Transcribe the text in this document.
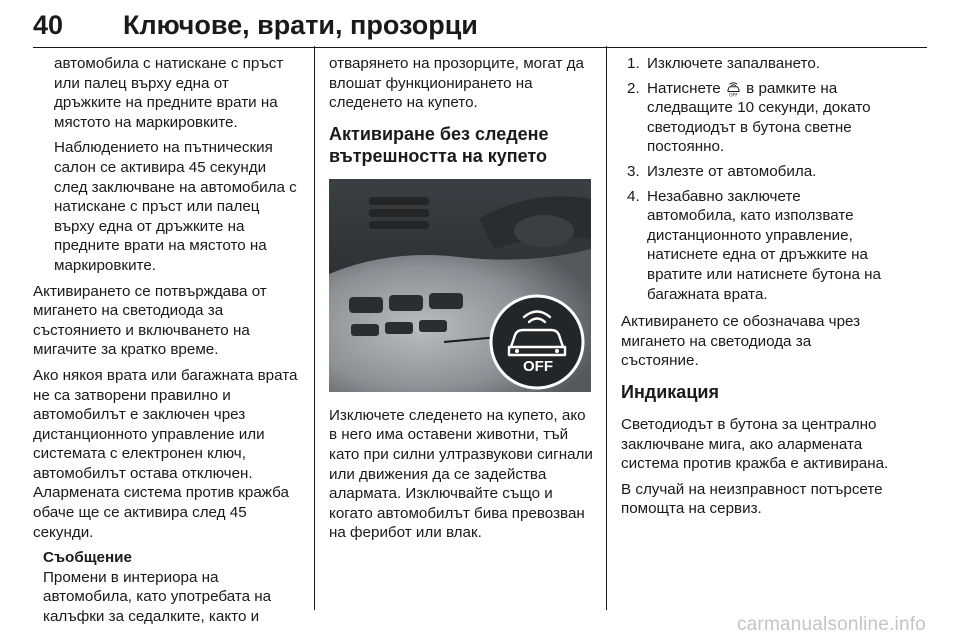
40 Ключове, врати, прозорци

автомобила с натискане с пръст или палец върху една от дръжките на предните врати на мястото на маркировките.

Наблюдението на пътническия салон се активира 45 секунди след заключване на автомобила с натискане с пръст или палец върху една от дръжките на предните врати на мястото на маркировките.

Активирането се потвърждава от мигането на светодиода за състоянието и включването на мигачите за кратко време.

Ако някоя врата или багажната врата не са затворени правилно и автомобилът е заключен чрез дистанционното управление или системата с електронен ключ, автомобилът остава отключен. Алармената система против кражба обаче ще се активира след 45 секунди.

Съобщение

Промени в интериора на автомобила, като употребата на калъфки за седалките, както и

отварянето на прозорците, могат да влошат функционирането на следенето на купето.

Активиране без следене вътрешността на купето
OFF

Изключете следенето на купето, ако в него има оставени животни, тъй като при силни ултразвукови сигнали или движения да се задейства алармата. Изключвайте също и когато автомобилът бива превозван на ферибот или влак.

1. Изключете запалването.
2. Натиснете OFF в рамките на следващите 10 секунди, докато светодиодът в бутона светне постоянно.
3. Излезте от автомобила.
4. Незабавно заключете автомобила, като използвате дистанционното управление, натиснете една от дръжките на вратите или натиснете бутона на багажната врата.

Активирането се обозначава чрез мигането на светодиода за състояние.

Индикация

Светодиодът в бутона за централно заключване мига, ако алармената система против кражба е активирана.

В случай на неизправност потърсете помощта на сервиз.

carmanualsonline.info
